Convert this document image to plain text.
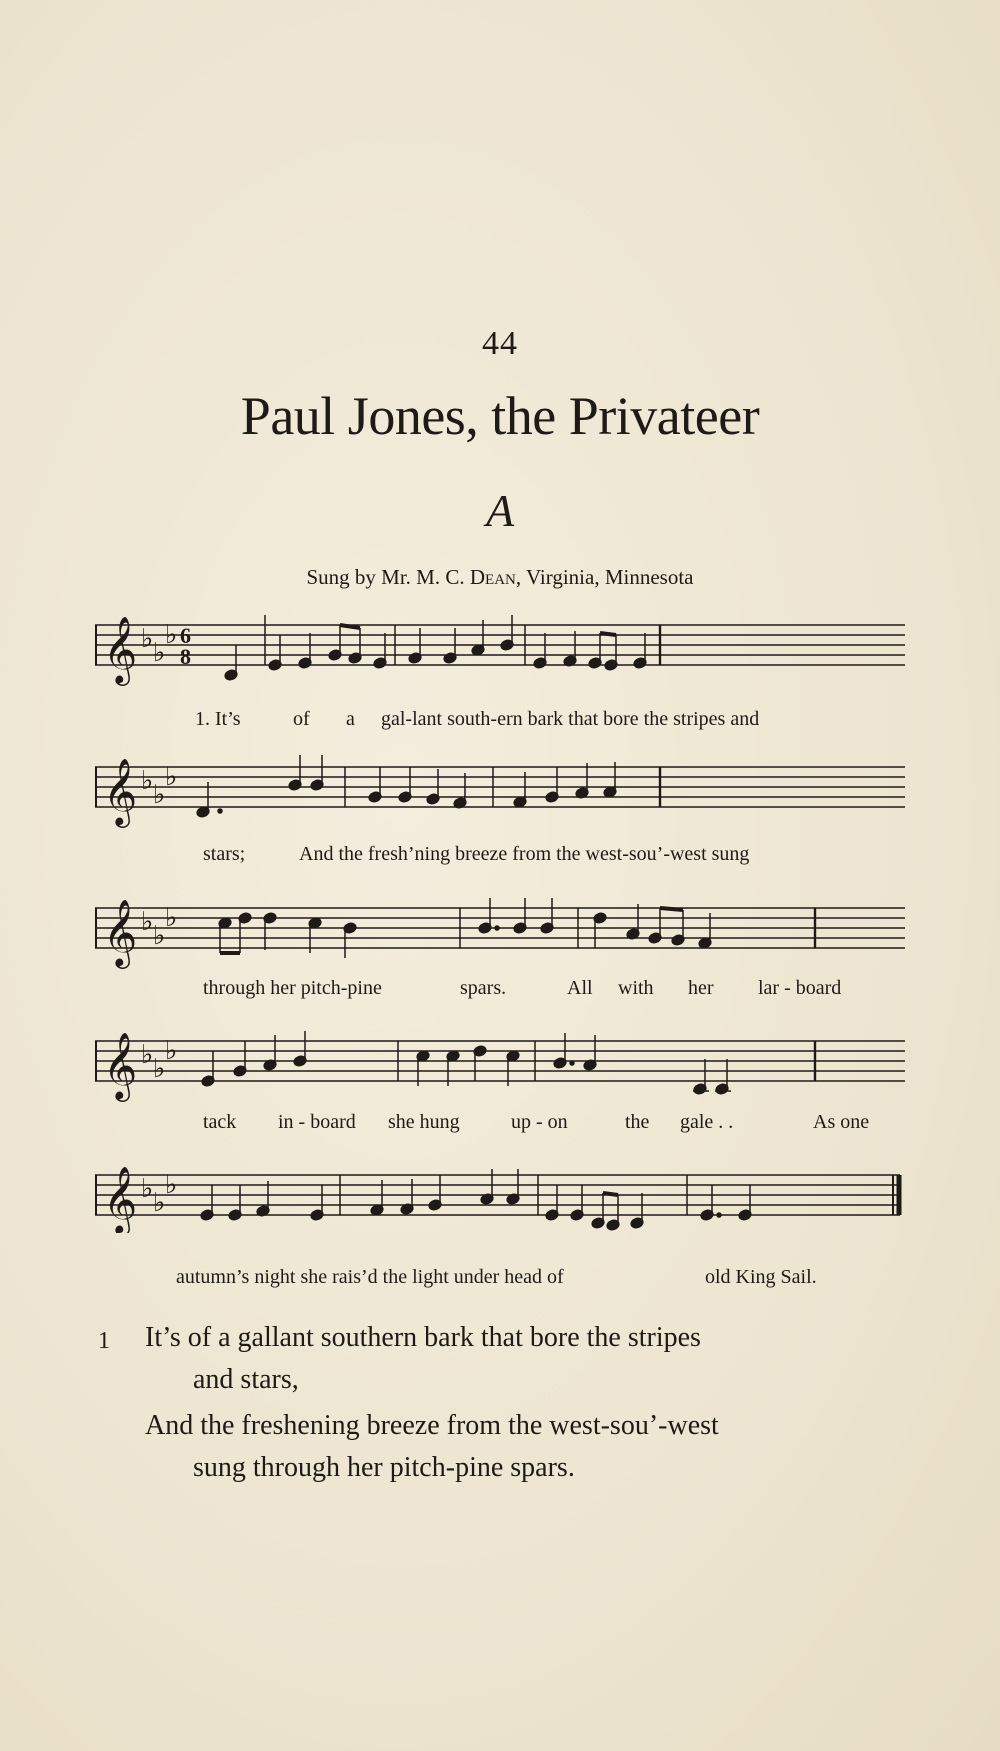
44
Paul Jones, the Privateer
A
Sung by Mr. M. C. Dean, Virginia, Minnesota
𝄞 ♭ ♭
♭ 6
8
1. It’s	of a gal-lant south-ern bark that bore the stripes and
𝄞 ♭ ♭
♭
stars;	And the fresh’ning breeze from the west-sou’-west sung
𝄞 ♭ ♭
♭
through her pitch-pine	spars.	All with her lar - board
𝄞 ♭ ♭
♭
tack in - board she hung	up - on	the gale . .	As one
𝄞 ♭ ♭
♭
autumn’s night she rais’d the light under head of	old King Sail.
1 It’s of a gallant southern bark that bore the stripes
and stars,
And the freshening breeze from the west-sou’-west
sung through her pitch-pine spars.
